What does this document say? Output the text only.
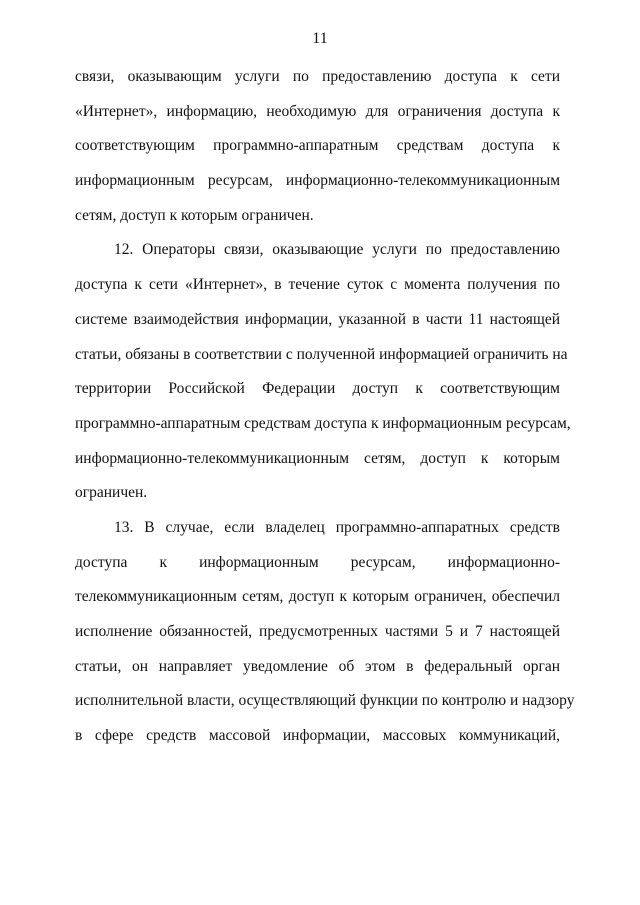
11
связи, оказывающим услуги по предоставлению доступа к сети
«Интернет», информацию, необходимую для ограничения доступа к
соответствующим программно-аппаратным средствам доступа к
информационным ресурсам, информационно-телекоммуникационным
сетям, доступ к которым ограничен.
12. Операторы связи, оказывающие услуги по предоставлению
доступа к сети «Интернет», в течение суток с момента получения по
системе взаимодействия информации, указанной в части 11 настоящей
статьи, обязаны в соответствии с полученной информацией ограничить на
территории Российской Федерации доступ к соответствующим
программно-аппаратным средствам доступа к информационным ресурсам,
информационно-телекоммуникационным сетям, доступ к которым
ограничен.
13. В случае, если владелец программно-аппаратных средств
доступа к информационным ресурсам, информационно-
телекоммуникационным сетям, доступ к которым ограничен, обеспечил
исполнение обязанностей, предусмотренных частями 5 и 7 настоящей
статьи, он направляет уведомление об этом в федеральный орган
исполнительной власти, осуществляющий функции по контролю и надзору
в сфере средств массовой информации, массовых коммуникаций,
